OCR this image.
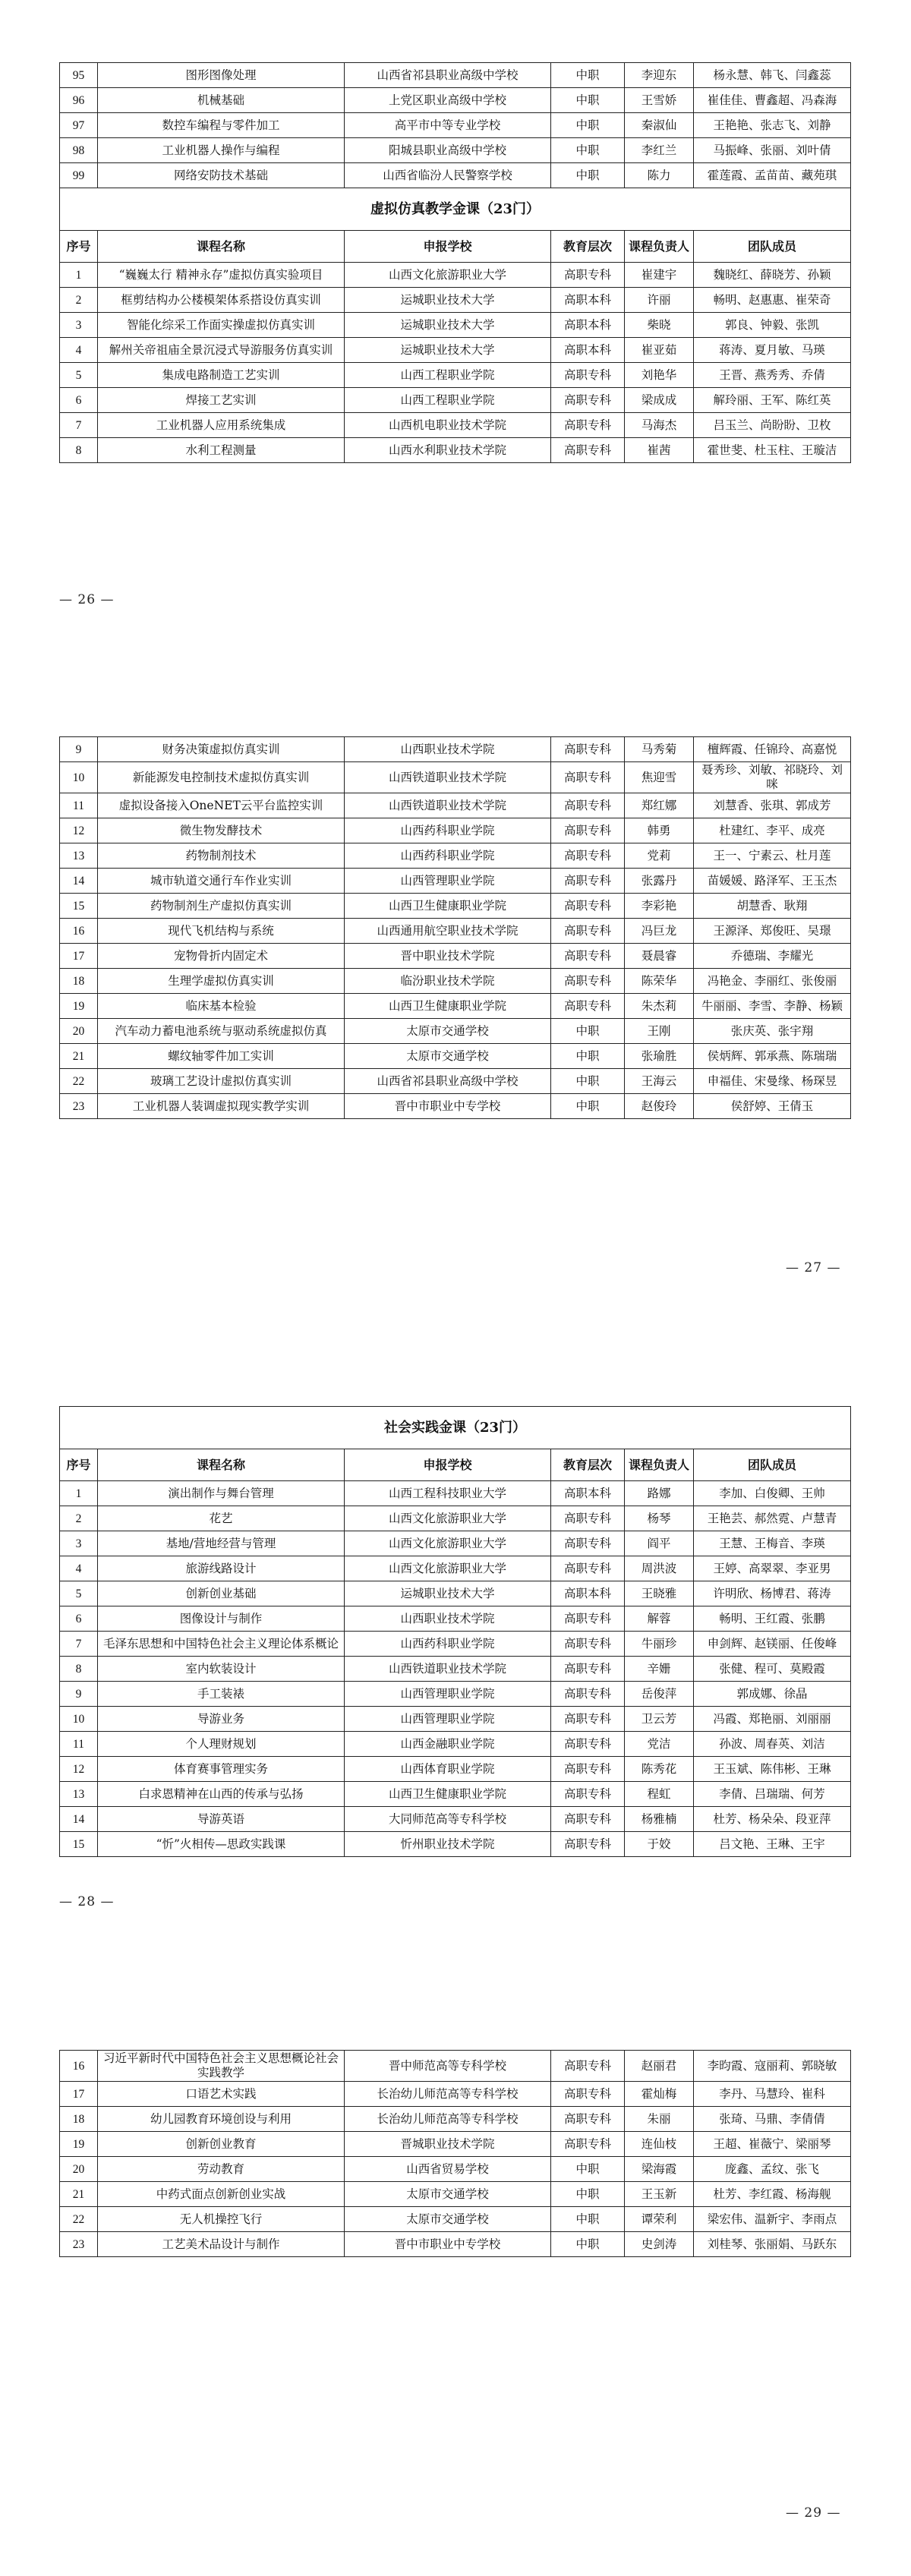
95	图形图像处理	山西省祁县职业高级中学校	中职	李迎东	杨永慧、韩飞、闫鑫蕊
96	机械基础	上党区职业高级中学校	中职	王雪娇	崔佳佳、曹鑫超、冯森海
97	数控车编程与零件加工	高平市中等专业学校	中职	秦淑仙	王艳艳、张志飞、刘静
98	工业机器人操作与编程	阳城县职业高级中学校	中职	李红兰	马振峰、张丽、刘叶倩
99	网络安防技术基础	山西省临汾人民警察学校	中职	陈力	霍莲霞、孟苗苗、藏苑琪
虚拟仿真教学金课（23门）					
序号	课程名称	申报学校	教育层次	课程负责人	团队成员
1	“巍巍太行 精神永存”虚拟仿真实验项目	山西文化旅游职业大学	高职专科	崔建宇	魏晓红、薛晓芳、孙颖
2	框剪结构办公楼模架体系搭设仿真实训	运城职业技术大学	高职本科	许丽	畅明、赵惠惠、崔荣奇
3	智能化综采工作面实操虚拟仿真实训	运城职业技术大学	高职本科	柴晓	郭良、钟毅、张凯
4	解州关帝祖庙全景沉浸式导游服务仿真实训	运城职业技术大学	高职本科	崔亚茹	蒋涛、夏月敏、马瑛
5	集成电路制造工艺实训	山西工程职业学院	高职专科	刘艳华	王晋、燕秀秀、乔倩
6	焊接工艺实训	山西工程职业学院	高职专科	梁成成	解玲丽、王军、陈红英
7	工业机器人应用系统集成	山西机电职业技术学院	高职专科	马海杰	吕玉兰、尚盼盼、卫枚
8	水利工程测量	山西水利职业技术学院	高职专科	崔茜	霍世斐、杜玉柱、王璇洁
— 26 —
9	财务决策虚拟仿真实训	山西职业技术学院	高职专科	马秀菊	檀辉霞、任锦玲、高嘉悦
10	新能源发电控制技术虚拟仿真实训	山西铁道职业技术学院	高职专科	焦迎雪	聂秀珍、刘敏、祁晓玲、刘咪
11	虚拟设备接入OneNET云平台监控实训	山西铁道职业技术学院	高职专科	郑红娜	刘慧香、张琪、郭成芳
12	微生物发酵技术	山西药科职业学院	高职专科	韩勇	杜建红、李平、成亮
13	药物制剂技术	山西药科职业学院	高职专科	党莉	王一、宁素云、杜月莲
14	城市轨道交通行车作业实训	山西管理职业学院	高职专科	张露丹	苗媛媛、路泽军、王玉杰
15	药物制剂生产虚拟仿真实训	山西卫生健康职业学院	高职专科	李彩艳	胡慧香、耿翔
16	现代飞机结构与系统	山西通用航空职业技术学院	高职专科	冯巨龙	王源泽、郑俊旺、吴璟
17	宠物骨折内固定术	晋中职业技术学院	高职专科	聂晨睿	乔德瑞、李耀光
18	生理学虚拟仿真实训	临汾职业技术学院	高职专科	陈荣华	冯艳金、李丽红、张俊丽
19	临床基本检验	山西卫生健康职业学院	高职专科	朱杰莉	牛丽丽、李雪、李静、杨颖
20	汽车动力蓄电池系统与驱动系统虚拟仿真	太原市交通学校	中职	王刚	张庆英、张宇翔
21	螺纹轴零件加工实训	太原市交通学校	中职	张瑜胜	侯炳辉、郭承燕、陈瑞瑞
22	玻璃工艺设计虚拟仿真实训	山西省祁县职业高级中学校	中职	王海云	申福佳、宋曼缘、杨琛昱
23	工业机器人装调虚拟现实教学实训	晋中市职业中专学校	中职	赵俊玲	侯舒婷、王倩玉
— 27 —
社会实践金课（23门）					
序号	课程名称	申报学校	教育层次	课程负责人	团队成员
1	演出制作与舞台管理	山西工程科技职业大学	高职本科	路娜	李加、白俊卿、王帅
2	花艺	山西文化旅游职业大学	高职专科	杨琴	王艳芸、郝然霓、卢慧青
3	基地/营地经营与管理	山西文化旅游职业大学	高职专科	阎平	王慧、王梅音、李瑛
4	旅游线路设计	山西文化旅游职业大学	高职专科	周洪波	王婷、高翠翠、李亚男
5	创新创业基础	运城职业技术大学	高职本科	王晓雅	许明欣、杨博君、蒋涛
6	图像设计与制作	山西职业技术学院	高职专科	解蓉	畅明、王红霞、张鹏
7	毛泽东思想和中国特色社会主义理论体系概论	山西药科职业学院	高职专科	牛丽珍	申剑辉、赵镁丽、任俊峰
8	室内软装设计	山西铁道职业技术学院	高职专科	辛姗	张健、程可、莫殿霞
9	手工装裱	山西管理职业学院	高职专科	岳俊萍	郭成娜、徐晶
10	导游业务	山西管理职业学院	高职专科	卫云芳	冯霞、郑艳丽、刘丽丽
11	个人理财规划	山西金融职业学院	高职专科	党洁	孙波、周春英、刘洁
12	体育赛事管理实务	山西体育职业学院	高职专科	陈秀花	王玉斌、陈伟彬、王琳
13	白求恩精神在山西的传承与弘扬	山西卫生健康职业学院	高职专科	程虹	李倩、吕瑞瑞、何芳
14	导游英语	大同师范高等专科学校	高职专科	杨雅楠	杜芳、杨朵朵、段亚萍
15	“忻”火相传—思政实践课	忻州职业技术学院	高职专科	于姣	吕文艳、王琳、王宇
— 28 —
16	习近平新时代中国特色社会主义思想概论社会实践教学	晋中师范高等专科学校	高职专科	赵丽君	李昀霞、寇丽莉、郭晓敏
17	口语艺术实践	长治幼儿师范高等专科学校	高职专科	霍灿梅	李丹、马慧玲、崔科
18	幼儿园教育环境创设与利用	长治幼儿师范高等专科学校	高职专科	朱丽	张琦、马鼎、李倩倩
19	创新创业教育	晋城职业技术学院	高职专科	连仙枝	王超、崔薇宁、梁丽琴
20	劳动教育	山西省贸易学校	中职	梁海霞	庞鑫、孟纹、张飞
21	中药式面点创新创业实战	太原市交通学校	中职	王玉新	杜芳、李红霞、杨海舰
22	无人机操控飞行	太原市交通学校	中职	谭荣利	梁宏伟、温新宇、李雨点
23	工艺美术品设计与制作	晋中市职业中专学校	中职	史剑涛	刘桂琴、张丽娟、马跃东
— 29 —
